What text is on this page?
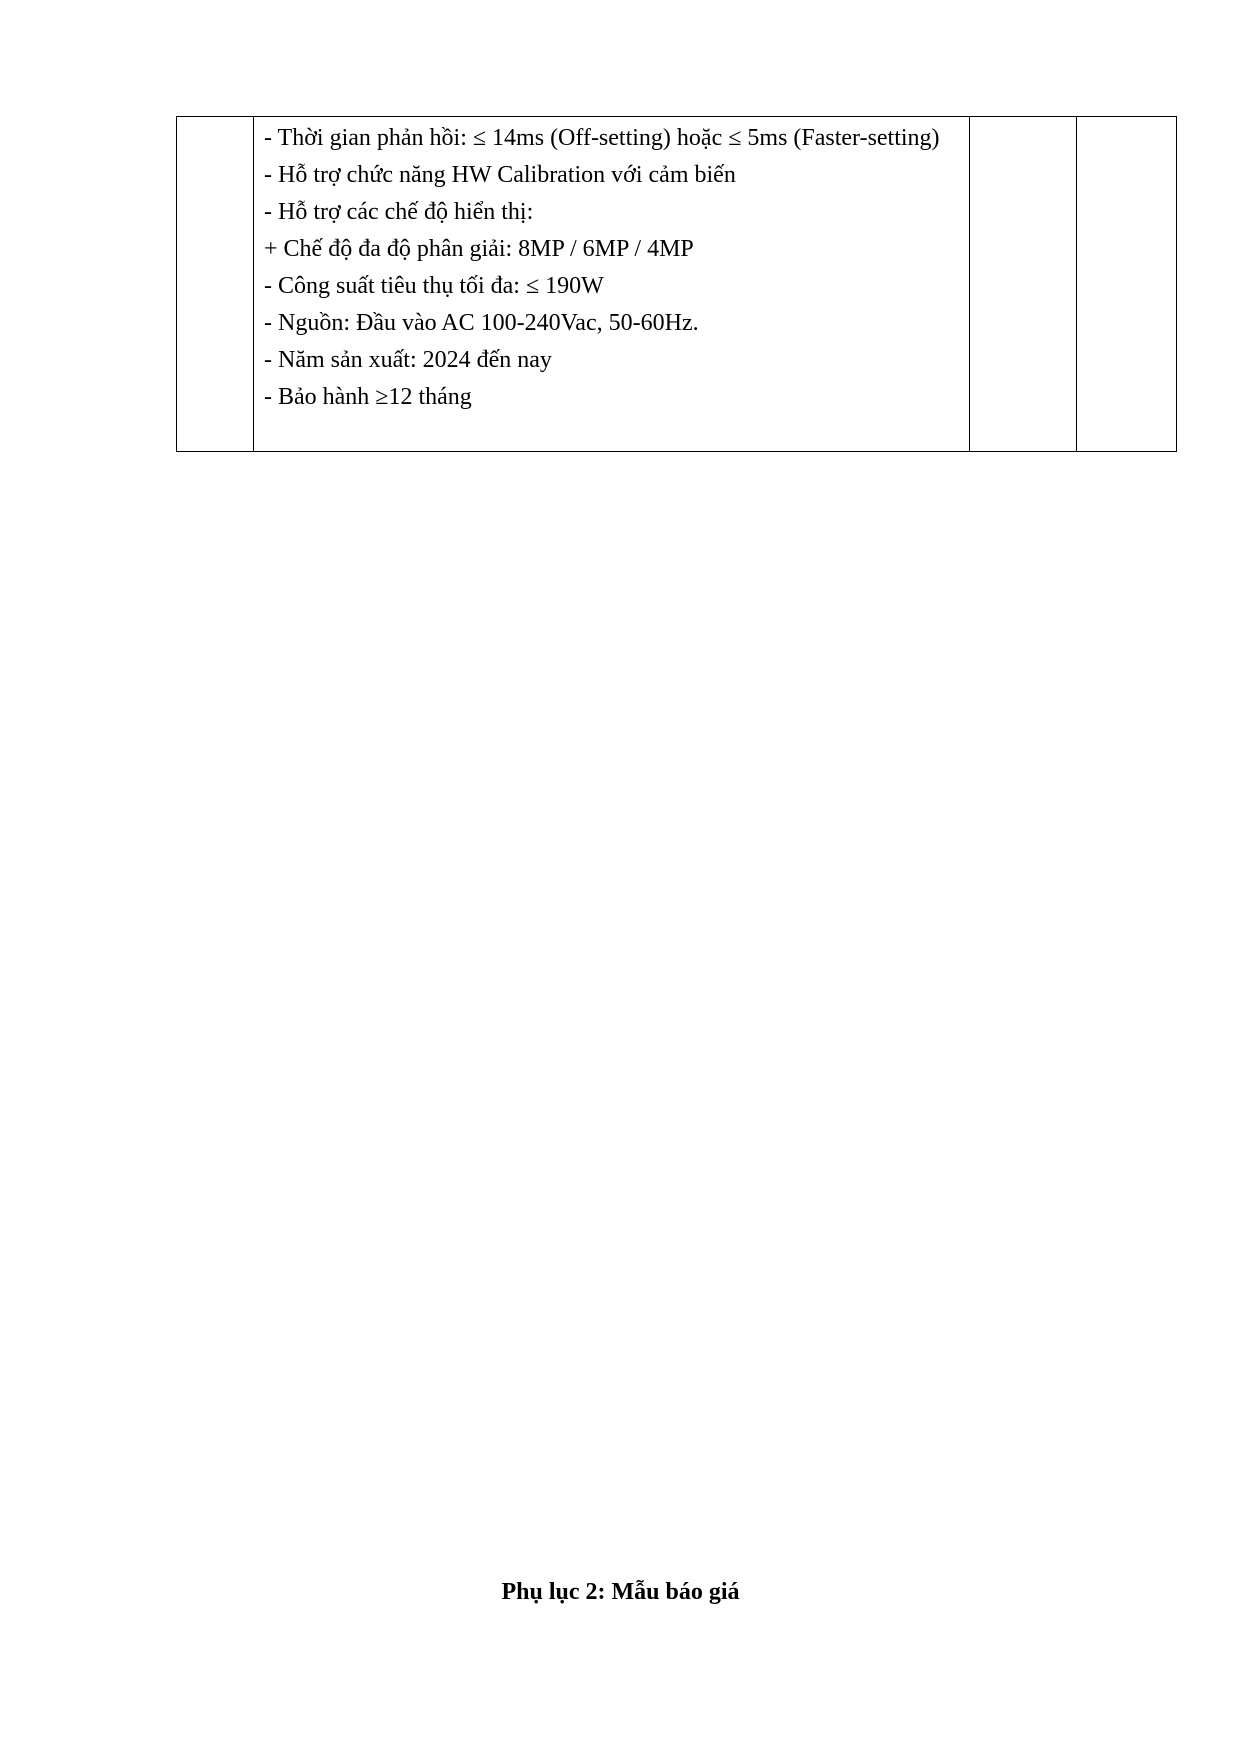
- Thời gian phản hồi: ≤ 14ms (Off-setting) hoặc ≤ 5ms (Faster-setting)
- Hỗ trợ chức năng HW Calibration với cảm biến
- Hỗ trợ các chế độ hiển thị:
+ Chế độ đa độ phân giải: 8MP / 6MP / 4MP
- Công suất tiêu thụ tối đa: ≤ 190W
- Nguồn: Đầu vào AC 100-240Vac, 50-60Hz.
- Năm sản xuất: 2024 đến nay
- Bảo hành ≥12 tháng

Phụ lục 2: Mẫu báo giá
